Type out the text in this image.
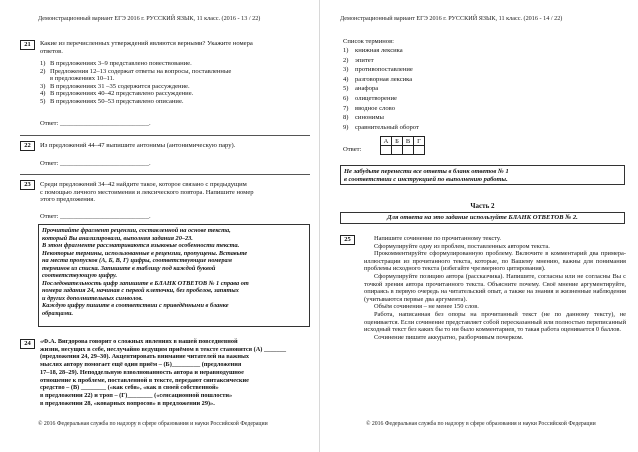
Демонстрационный вариант ЕГЭ 2016 г. РУССКИЙ ЯЗЫК, 11 класс. (2016 - 13 / 22)
21	Какие из перечисленных утверждений являются верными? Укажите номера
ответов.
1) В предложениях 3–9 представлено повествование.
2) Предложения 12–13 содержат ответы на вопросы, поставленные
в предложениях 10–11.
3) В предложениях 31 –35 содержится рассуждение.
4) В предложениях 40–42 представлено рассуждение.
5) В предложениях 50–53 представлено описание.
Ответ: ___________________________.
22	Из предложений 44–47 выпишите антонимы (антонимическую пару).
Ответ: ___________________________.
23	Среди предложений 34–42 найдите такое, которое связано с предыдущим
с помощью личного местоимения и лексического повтора. Напишите номер
этого предложения.
Ответ: ___________________________.
Прочитайте фрагмент рецензии, составленной на основе текста,
который Вы анализировали, выполняя задания 20–23.
В этом фрагменте рассматриваются языковые особенности текста.
Некоторые термины, использованные в рецензии, пропущены. Вставьте
на места пропусков (А, Б, В, Г) цифры, соответствующие номерам
терминов из списка. Запишите в таблицу под каждой буквой
соответствующую цифру.
Последовательность цифр запишите в БЛАНК ОТВЕТОВ № 1 справа от
номера задания 24, начиная с первой клеточки, без пробелов, запятых
и других дополнительных символов.
Каждую цифру пишите в соответствии с приведёнными в бланке
образцами.
24	«Ф.А. Вигдорова говорит о сложных явлениях в нашей повседневной
жизни, несущих в себе, неслучайно ведущим приёмом в тексте становится (А) _______
(предложения 24, 29–30). Акцентировать внимание читателей на важных
мыслях автору помогает ещё один приём – (Б)_________ (предложения
17–18, 28–29). Неподдельную взволнованность автора и неравнодушное
отношение к проблеме, поставленной в тексте, передают синтаксические
средство – (В) ________ («как себя», «как в своей собственной»
в предложении 22) и троп – (Г)________ («сенсационной пошлости»
в предложении 28, «коварных вопросов» в предложении 29)».
© 2016 Федеральная служба по надзору в сфере образования и науки Российской Федерации
Демонстрационный вариант ЕГЭ 2016 г. РУССКИЙ ЯЗЫК, 11 класс. (2016 - 14 / 22)
Список терминов:
1) книжная лексика
2) эпитет
3) противопоставление
4) разговорная лексика
5) анафора
6) олицетворение
7) вводное слово
8) синонимы
9) сравнительный оборот
Ответ:
А	Б	В	Г

Не забудьте перенести все ответы в бланк ответов № 1
в соответствии с инструкцией по выполнению работы.
Часть 2
Для ответа на это задание используйте БЛАНК ОТВЕТОВ № 2.
25	Напишите сочинение по прочитанному тексту.

Сформулируйте одну из проблем, поставленных автором текста.

Прокомментируйте сформулированную проблему. Включите в комментарий два примера-иллюстрации из прочитанного текста, которые, по Вашему мнению, важны для понимания проблемы исходного текста (избегайте чрезмерного цитирования).

Сформулируйте позицию автора (рассказчика). Напишите, согласны или не согласны Вы с точкой зрения автора прочитанного текста. Объясните почему. Своё мнение аргументируйте, опираясь в первую очередь на читательский опыт, а также на знания и жизненные наблюдения (учитываются первые два аргумента).

Объём сочинения – не менее 150 слов.

Работа, написанная без опоры на прочитанный текст (не по данному тексту), не оценивается. Если сочинение представляет собой пересказанный или полностью переписанный исходный текст без каких бы то ни было комментариев, то такая работа оценивается 0 баллов.

Сочинение пишите аккуратно, разборчивым почерком.

© 2016 Федеральная служба по надзору в сфере образования и науки Российской Федерации
